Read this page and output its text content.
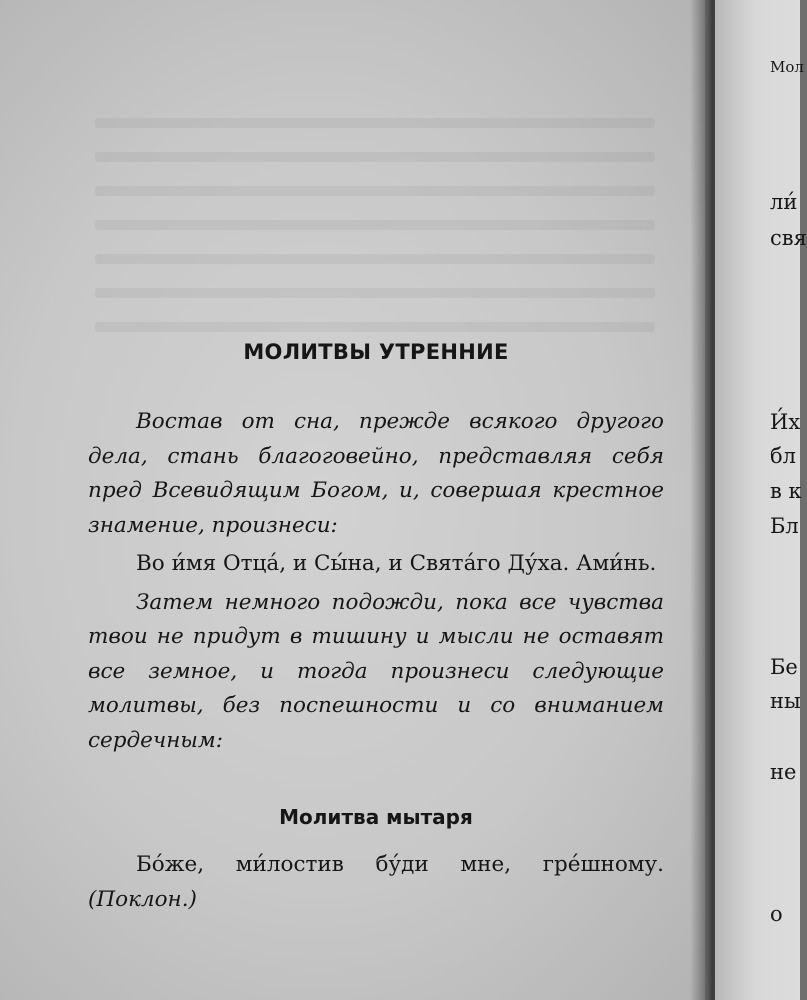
МОЛИТВЫ УТРЕННИЕ

Востав от сна, прежде всякого другого дела, стань благоговейно, представляя себя пред Всевидящим Богом, и, совершая крестное знамение, произнеси:

Во и́мя Отца́, и Сы́на, и Свята́го Ду́ха. Ами́нь.

Затем немного подожди, пока все чувства твои не придут в тишину и мысли не оставят все земное, и тогда произнеси следующие молитвы, без поспешности и со вниманием сердечным:

Молитва мытаря

Бо́же, ми́лостив бу́ди мне, гре́шному. (Поклон.)

Мол
ли́
свя
И́х
бл
в к
Бл
Бе
ны
не
о
